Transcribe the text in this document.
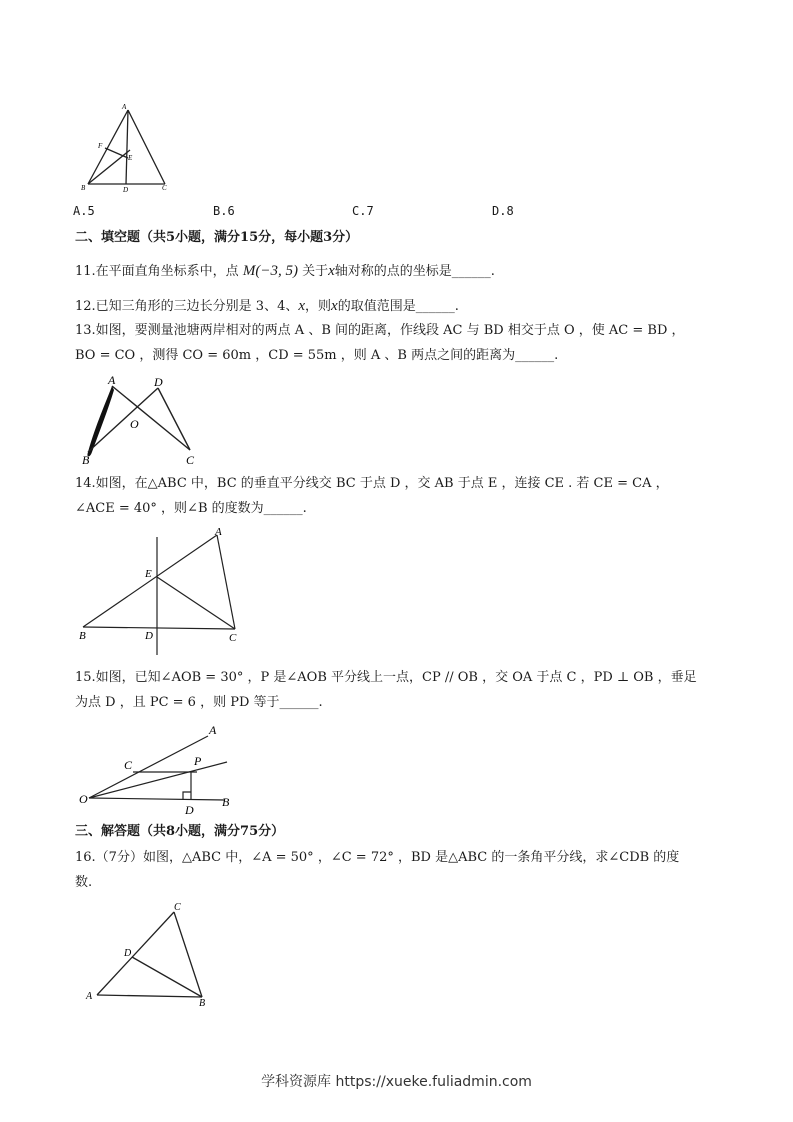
A
F
E
B	D	C
A.5	B.6	C.7	D.8
二、填空题（共5小题，满分15分，每小题3分）
11.在平面直角坐标系中，点 M(−3, 5) 关于x轴对称的点的坐标是______.
12.已知三角形的三边长分别是 3、4、x，则x的取值范围是______.
13.如图，要测量池塘两岸相对的两点 A 、B 间的距离，作线段 AC 与 BD 相交于点 O ，使 AC = BD ，
BO = CO ，测得 CO = 60m ，CD = 55m ，则 A 、B 两点之间的距离为______.
A	D
O
B	C
14.如图，在△ABC 中，BC 的垂直平分线交 BC 于点 D ，交 AB 于点 E ，连接 CE . 若 CE = CA ，
∠ACE = 40° ，则∠B 的度数为______.
A
E
B	D	C
15.如图，已知∠AOB = 30° ，P 是∠AOB 平分线上一点，CP // OB ，交 OA 于点 C ，PD ⊥ OB ，垂足
为点 D ，且 PC = 6 ，则 PD 等于______.
A
C	P
O
D
B
三、解答题（共8小题，满分75分）
16.（7分）如图，△ABC 中，∠A = 50° ，∠C = 72° ，BD 是△ABC 的一条角平分线，求∠CDB 的度
数.
C
D
A
B
学科资源库 https://xueke.fuliadmin.com
